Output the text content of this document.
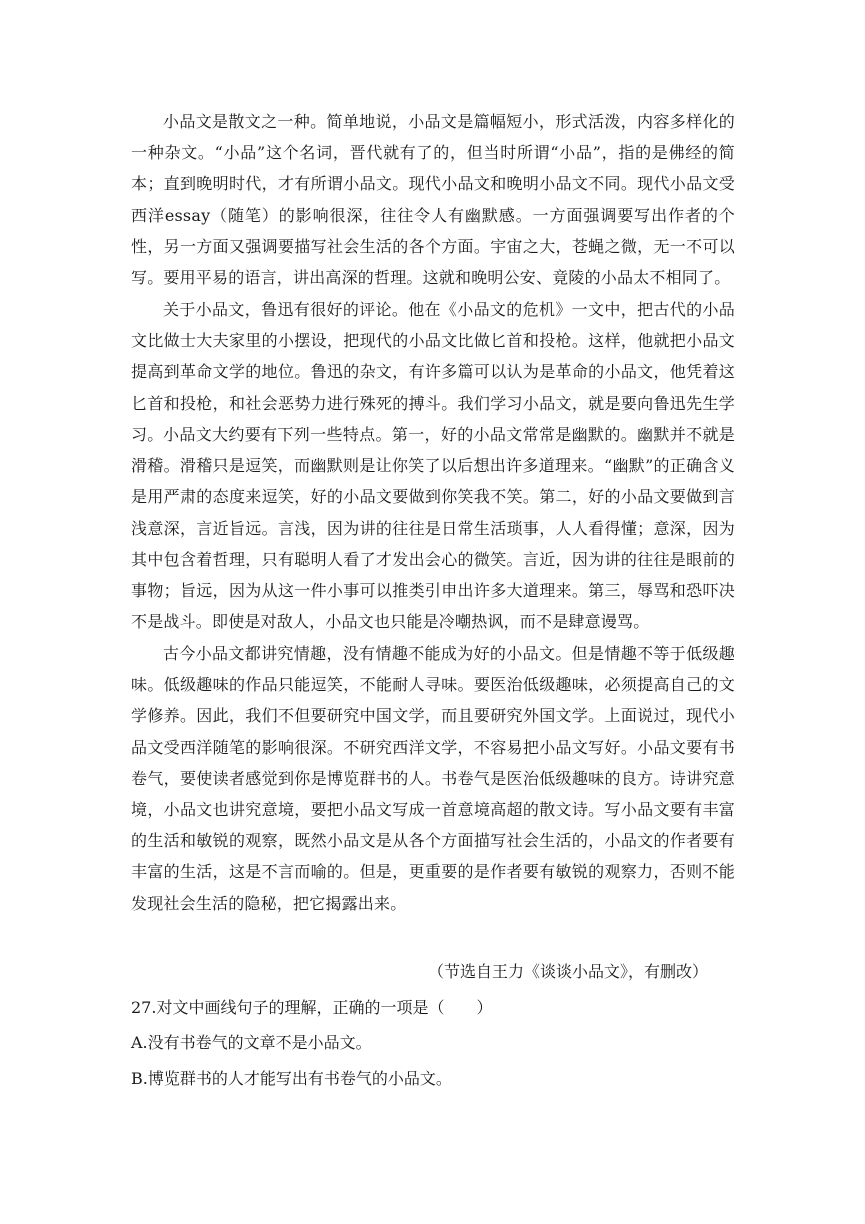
小品文是散文之一种。简单地说，小品文是篇幅短小，形式活泼，内容多样化的一种杂文。“小品”这个名词，晋代就有了的，但当时所谓“小品”，指的是佛经的简本；直到晚明时代，才有所谓小品文。现代小品文和晚明小品文不同。现代小品文受西洋essay（随笔）的影响很深，往往令人有幽默感。一方面强调要写出作者的个性，另一方面又强调要描写社会生活的各个方面。宇宙之大，苍蝇之微，无一不可以写。要用平易的语言，讲出高深的哲理。这就和晚明公安、竟陵的小品太不相同了。

关于小品文，鲁迅有很好的评论。他在《小品文的危机》一文中，把古代的小品文比做士大夫家里的小摆设，把现代的小品文比做匕首和投枪。这样，他就把小品文提高到革命文学的地位。鲁迅的杂文，有许多篇可以认为是革命的小品文，他凭着这匕首和投枪，和社会恶势力进行殊死的搏斗。我们学习小品文，就是要向鲁迅先生学习。 小品文大约要有下列一些特点。第一，好的小品文常常是幽默的。幽默并不就是滑稽。滑稽只是逗笑，而幽默则是让你笑了以后想出许多道理来。“幽默”的正确含义是用严肃的态度来逗笑，好的小品文要做到你笑我不笑。第二，好的小品文要做到言浅意深，言近旨远。言浅，因为讲的往往是日常生活琐事，人人看得懂；意深，因为其中包含着哲理，只有聪明人看了才发出会心的微笑。言近，因为讲的往往是眼前的事物；旨远，因为从这一件小事可以推类引申出许多大道理来。第三，辱骂和恐吓决不是战斗。即使是对敌人，小品文也只能是冷嘲热讽，而不是肆意谩骂。

古今小品文都讲究情趣，没有情趣不能成为好的小品文。但是情趣不等于低级趣味。低级趣味的作品只能逗笑，不能耐人寻味。要医治低级趣味，必须提高自己的文学修养。因此，我们不但要研究中国文学，而且要研究外国文学。上面说过，现代小品文受西洋随笔的影响很深。不研究西洋文学，不容易把小品文写好。小品文要有书卷气，要使读者感觉到你是博览群书的人。书卷气是医治低级趣味的良方。诗讲究意境，小品文也讲究意境，要把小品文写成一首意境高超的散文诗。写小品文要有丰富的生活和敏锐的观察，既然小品文是从各个方面描写社会生活的，小品文的作者要有丰富的生活，这是不言而喻的。但是，更重要的是作者要有敏锐的观察力，否则不能发现社会生活的隐秘，把它揭露出来。

（节选自王力《谈谈小品文》，有删改）

27.对文中画线句子的理解，正确的一项是（　　）

A.没有书卷气的文章不是小品文。

B.博览群书的人才能写出有书卷气的小品文。
